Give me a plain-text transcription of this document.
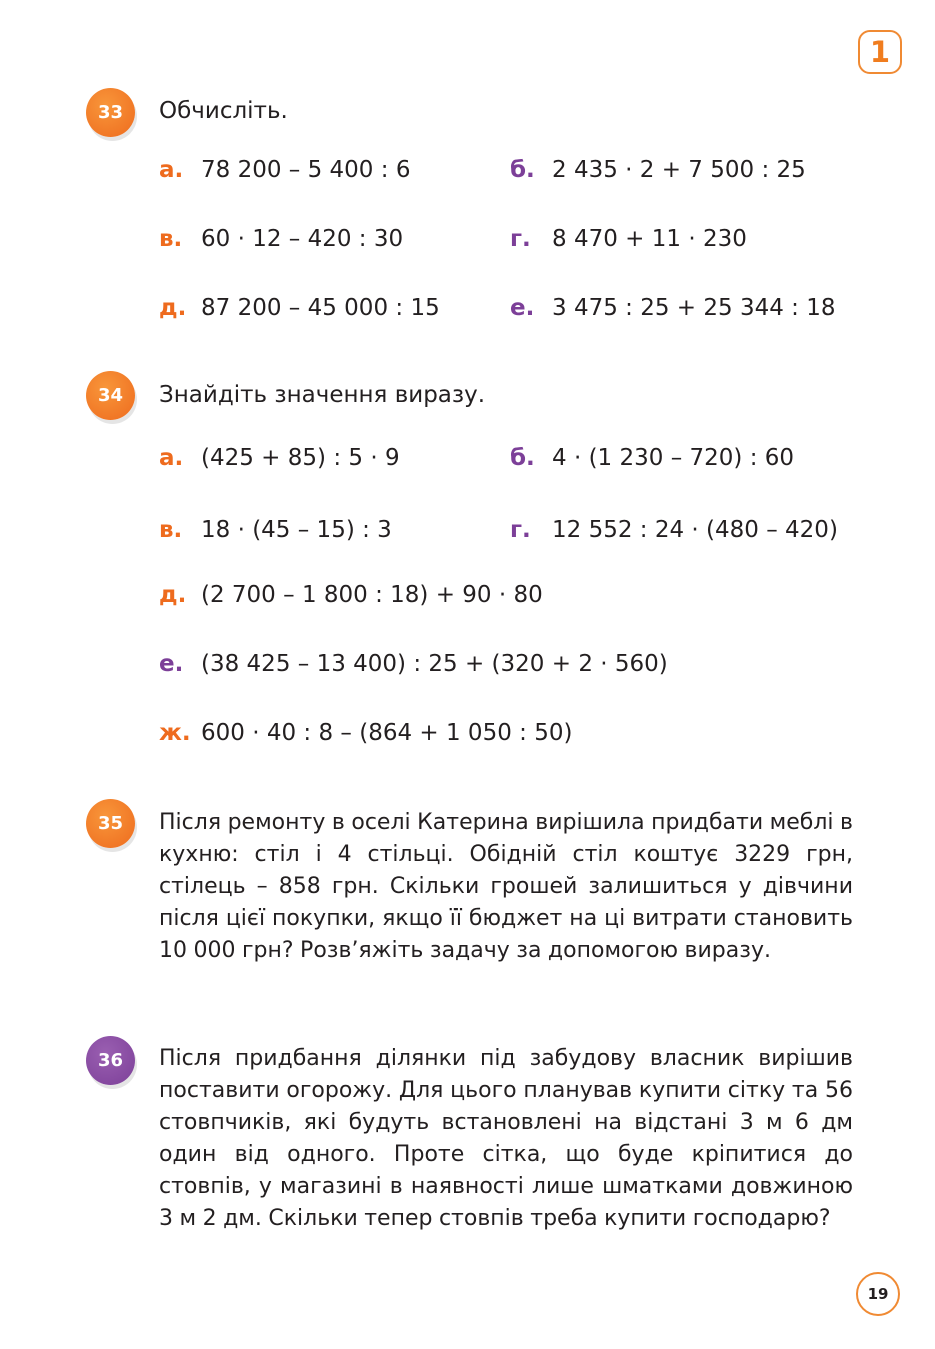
1
33	Обчисліть.
а. 78 200 – 5 400 : 6	б. 2 435 · 2 + 7 500 : 25
в. 60 · 12 – 420 : 30	г. 8 470 + 11 · 230
д. 87 200 – 45 000 : 15	е. 3 475 : 25 + 25 344 : 18
34	Знайдіть значення виразу.
а. (425 + 85) : 5 · 9	б. 4 · (1 230 – 720) : 60
в. 18 · (45 – 15) : 3	г. 12 552 : 24 · (480 – 420)
д. (2 700 – 1 800 : 18) + 90 · 80
е. (38 425 – 13 400) : 25 + (320 + 2 · 560)
ж. 600 · 40 : 8 – (864 + 1 050 : 50)
35	Після ремонту в оселі Катерина вирішила придбати меблі в кухню: стіл і 4 стільці. Обідній стіл коштує 3229 грн, стілець – 858 грн. Скільки грошей залишиться у дівчини після цієї покупки, якщо її бюджет на ці витрати становить 10 000 грн? Розв’яжіть задачу за допомогою виразу.

36	Після придбання ділянки під забудову власник вирішив поставити огорожу. Для цього планував купити сітку та 56 стовпчиків, які будуть встановлені на відстані 3 м 6 дм один від одного. Проте сітка, що буде кріпитися до стовпів, у магазині в наявності лише шматками довжиною 3 м 2 дм. Скільки тепер стовпів треба купити господарю?

19
